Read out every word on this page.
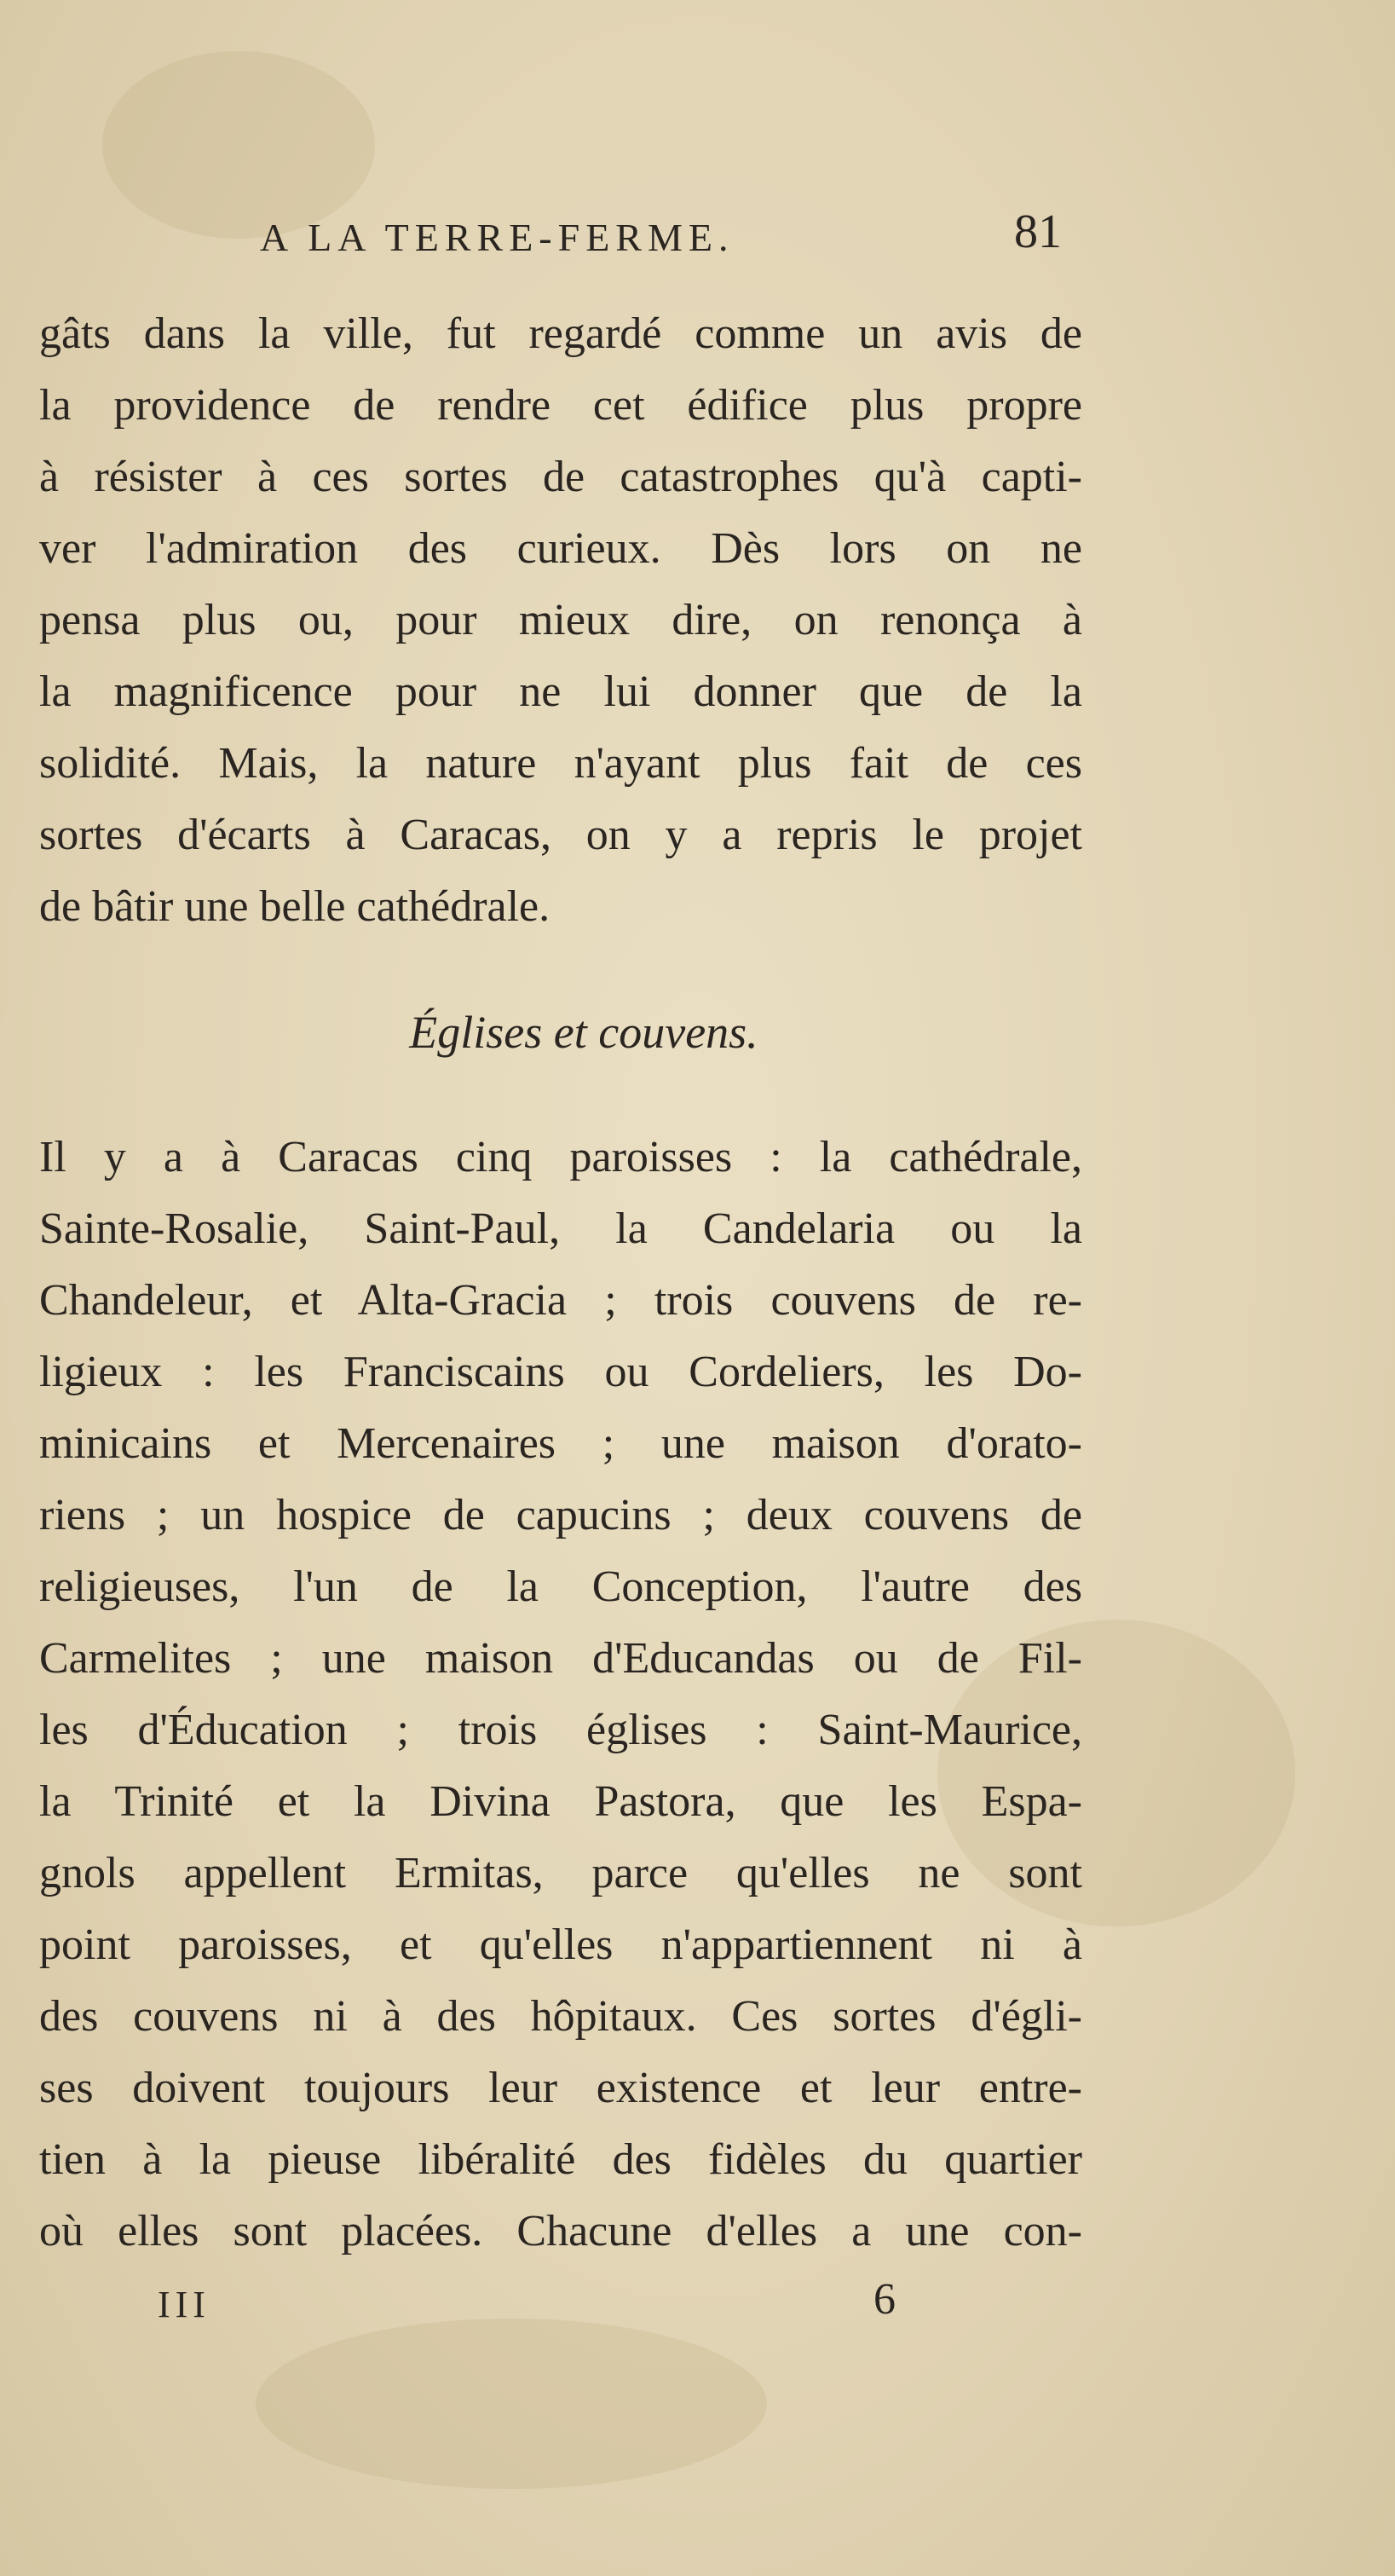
A LA TERRE-FERME.	81
gâts dans la ville, fut regardé comme un avis de
la providence de rendre cet édifice plus propre
à résister à ces sortes de catastrophes qu'à capti-
ver l'admiration des curieux. Dès lors on ne
pensa plus ou, pour mieux dire, on renonça à
la magnificence pour ne lui donner que de la
solidité. Mais, la nature n'ayant plus fait de ces
sortes d'écarts à Caracas, on y a repris le projet
de bâtir une belle cathédrale.
Églises et couvens.
Il y a à Caracas cinq paroisses : la cathédrale,
Sainte-Rosalie, Saint-Paul, la Candelaria ou la
Chandeleur, et Alta-Gracia ; trois couvens de re-
ligieux : les Franciscains ou Cordeliers, les Do-
minicains et Mercenaires ; une maison d'orato-
riens ; un hospice de capucins ; deux couvens de
religieuses, l'un de la Conception, l'autre des
Carmelites ; une maison d'Educandas ou de Fil-
les d'Éducation ; trois églises : Saint-Maurice,
la Trinité et la Divina Pastora, que les Espa-
gnols appellent Ermitas, parce qu'elles ne sont
point paroisses, et qu'elles n'appartiennent ni à
des couvens ni à des hôpitaux. Ces sortes d'égli-
ses doivent toujours leur existence et leur entre-
tien à la pieuse libéralité des fidèles du quartier
où elles sont placées. Chacune d'elles a une con-
III	6
